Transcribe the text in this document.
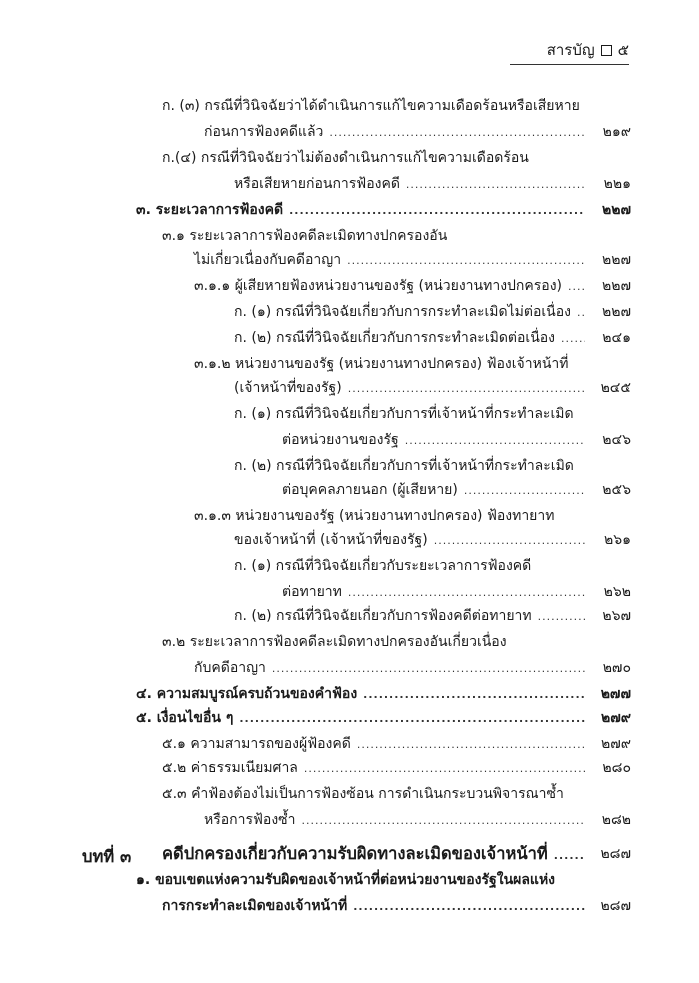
สารบัญ ๕
ก. (๓) กรณีที่วินิจฉัยว่าได้ดำเนินการแก้ไขความเดือดร้อนหรือเสียหาย
ก่อนการฟ้องคดีแล้ว .....	๒๑๙
ก.(๔) กรณีที่วินิจฉัยว่าไม่ต้องดำเนินการแก้ไขความเดือดร้อน
หรือเสียหายก่อนการฟ้องคดี .....	๒๒๑
๓. ระยะเวลาการฟ้องคดี .....	๒๒๗
๓.๑ ระยะเวลาการฟ้องคดีละเมิดทางปกครองอัน
ไม่เกี่ยวเนื่องกับคดีอาญา .....	๒๒๗
๓.๑.๑ ผู้เสียหายฟ้องหน่วยงานของรัฐ (หน่วยงานทางปกครอง) .....	๒๒๗
ก. (๑) กรณีที่วินิจฉัยเกี่ยวกับการกระทำละเมิดไม่ต่อเนื่อง .....	๒๒๗
ก. (๒) กรณีที่วินิจฉัยเกี่ยวกับการกระทำละเมิดต่อเนื่อง .....	๒๔๑
๓.๑.๒ หน่วยงานของรัฐ (หน่วยงานทางปกครอง) ฟ้องเจ้าหน้าที่
(เจ้าหน้าที่ของรัฐ) .....	๒๔๕
ก. (๑) กรณีที่วินิจฉัยเกี่ยวกับการที่เจ้าหน้าที่กระทำละเมิด
ต่อหน่วยงานของรัฐ .....	๒๔๖
ก. (๒) กรณีที่วินิจฉัยเกี่ยวกับการที่เจ้าหน้าที่กระทำละเมิด
ต่อบุคคลภายนอก (ผู้เสียหาย) .....	๒๕๖
๓.๑.๓ หน่วยงานของรัฐ (หน่วยงานทางปกครอง) ฟ้องทายาท
ของเจ้าหน้าที่ (เจ้าหน้าที่ของรัฐ) .....	๒๖๑
ก. (๑) กรณีที่วินิจฉัยเกี่ยวกับระยะเวลาการฟ้องคดี
ต่อทายาท .....	๒๖๒
ก. (๒) กรณีที่วินิจฉัยเกี่ยวกับการฟ้องคดีต่อทายาท .....	๒๖๗
๓.๒ ระยะเวลาการฟ้องคดีละเมิดทางปกครองอันเกี่ยวเนื่อง
กับคดีอาญา .....	๒๗๐
๔. ความสมบูรณ์ครบถ้วนของคำฟ้อง .....	๒๗๗
๕. เงื่อนไขอื่น ๆ .....	๒๗๙
๕.๑ ความสามารถของผู้ฟ้องคดี .....	๒๗๙
๕.๒ ค่าธรรมเนียมศาล .....	๒๘๐
๕.๓ คำฟ้องต้องไม่เป็นการฟ้องซ้อน การดำเนินกระบวนพิจารณาซ้ำ
หรือการฟ้องซ้ำ .....	๒๘๒
บทที่ ๓ คดีปกครองเกี่ยวกับความรับผิดทางละเมิดของเจ้าหน้าที่ .....	๒๘๗
๑. ขอบเขตแห่งความรับผิดของเจ้าหน้าที่ต่อหน่วยงานของรัฐในผลแห่ง
การกระทำละเมิดของเจ้าหน้าที่ .....	๒๘๗
